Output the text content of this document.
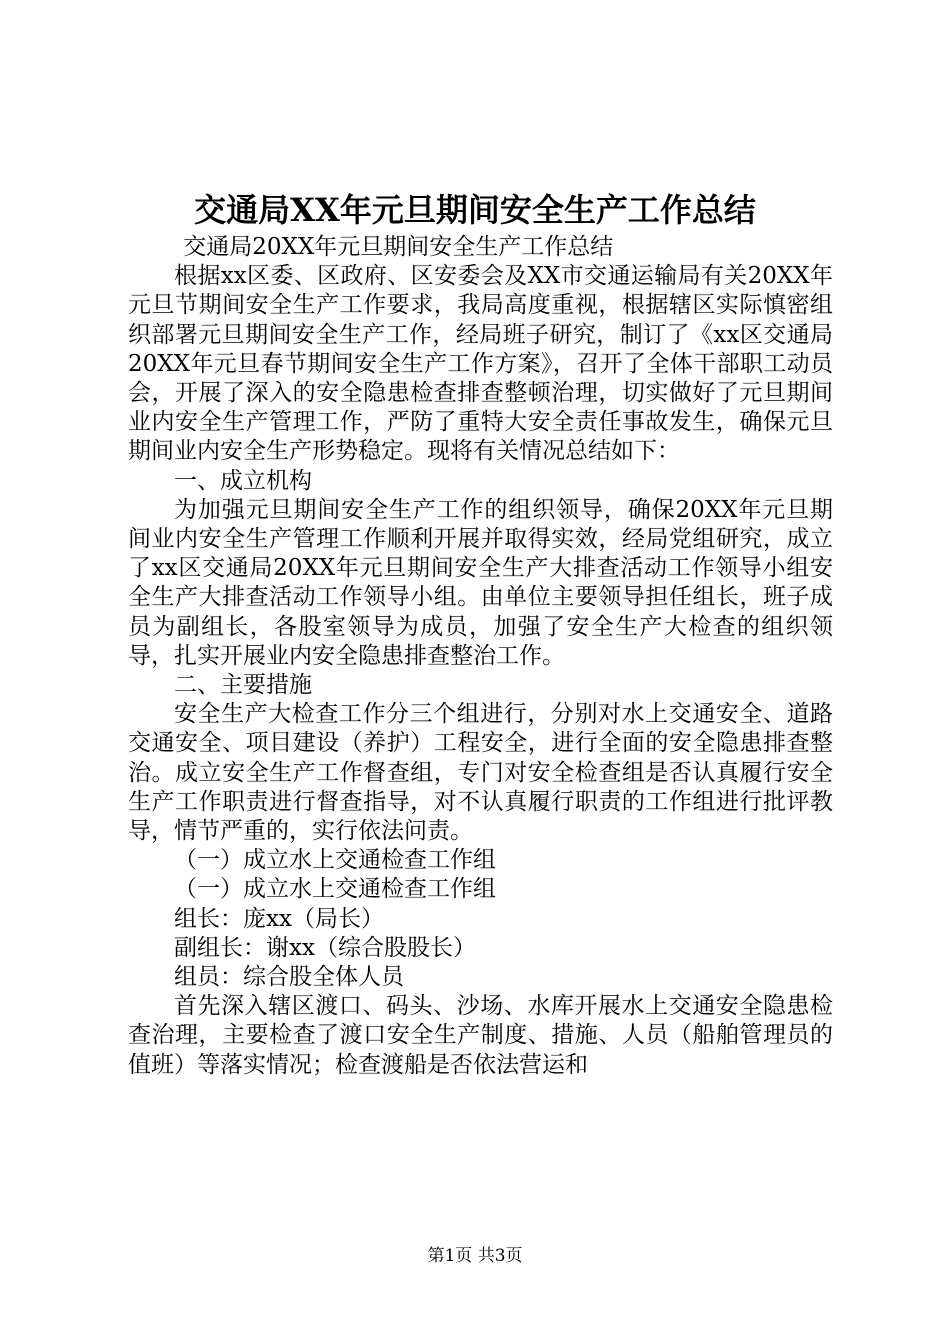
交通局XX年元旦期间安全生产工作总结

交通局20XX年元旦期间安全生产工作总结

根据xx区委、区政府、区安委会及XX市交通运输局有关20XX年元旦节期间安全生产工作要求，我局高度重视，根据辖区实际慎密组织部署元旦期间安全生产工作，经局班子研究，制订了《xx区交通局20XX年元旦春节期间安全生产工作方案》，召开了全体干部职工动员会，开展了深入的安全隐患检查排查整顿治理，切实做好了元旦期间业内安全生产管理工作，严防了重特大安全责任事故发生，确保元旦期间业内安全生产形势稳定。现将有关情况总结如下：

一、成立机构

为加强元旦期间安全生产工作的组织领导，确保20XX年元旦期间业内安全生产管理工作顺利开展并取得实效，经局党组研究，成立了xx区交通局20XX年元旦期间安全生产大排查活动工作领导小组安全生产大排查活动工作领导小组。由单位主要领导担任组长，班子成员为副组长，各股室领导为成员，加强了安全生产大检查的组织领导，扎实开展业内安全隐患排查整治工作。

二、主要措施

安全生产大检查工作分三个组进行，分别对水上交通安全、道路交通安全、项目建设（养护）工程安全，进行全面的安全隐患排查整治。成立安全生产工作督查组，专门对安全检查组是否认真履行安全生产工作职责进行督查指导，对不认真履行职责的工作组进行批评教导，情节严重的，实行依法问责。

（一）成立水上交通检查工作组

（一）成立水上交通检查工作组

组长：庞xx（局长）

副组长：谢xx（综合股股长）

组员：综合股全体人员

首先深入辖区渡口、码头、沙场、水库开展水上交通安全隐患检查治理，主要检查了渡口安全生产制度、措施、人员（船舶管理员的值班）等落实情况；检查渡船是否依法营运和

第1页 共3页
